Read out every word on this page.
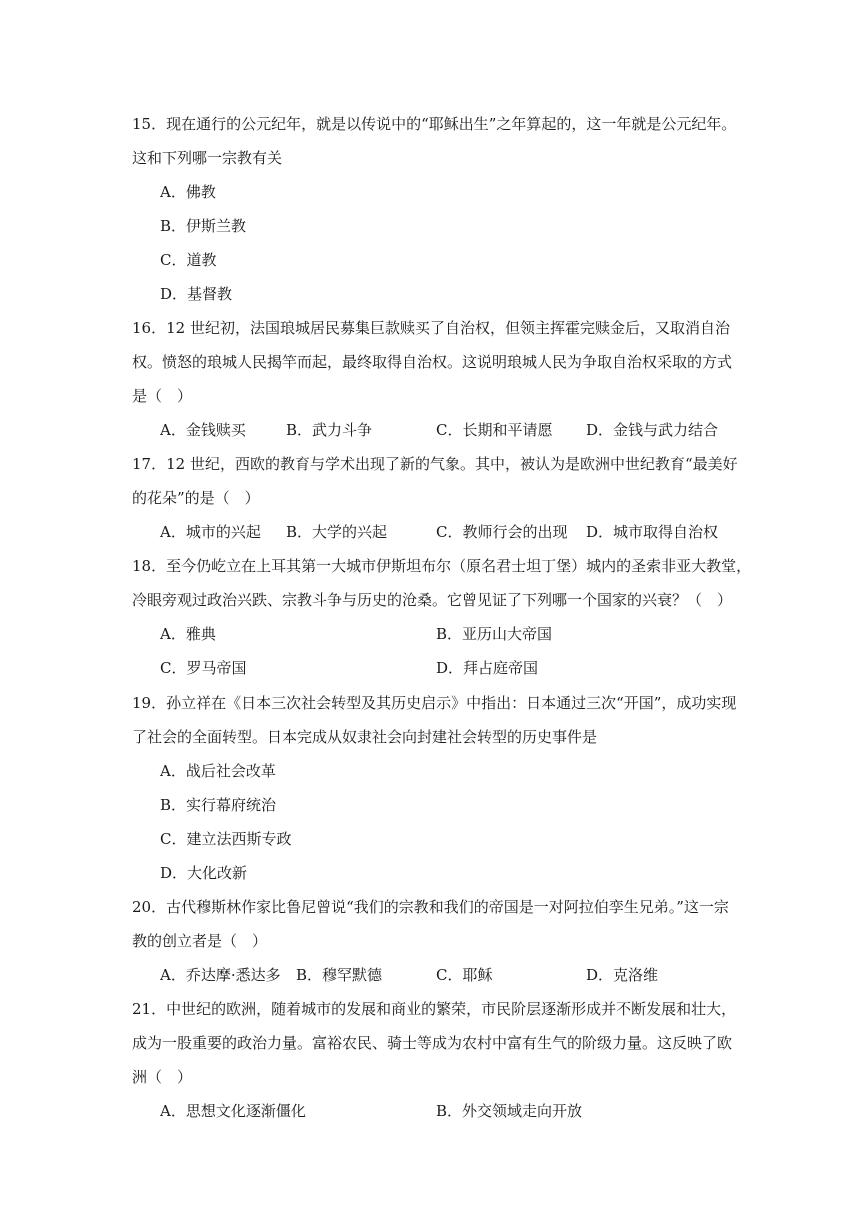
15．现在通行的公元纪年，就是以传说中的“耶稣出生”之年算起的，这一年就是公元纪年。
这和下列哪一宗教有关
A．佛教
B．伊斯兰教
C．道教
D．基督教
16．12 世纪初，法国琅城居民募集巨款赎买了自治权，但领主挥霍完赎金后，又取消自治
权。愤怒的琅城人民揭竿而起，最终取得自治权。这说明琅城人民为争取自治权采取的方式
是（　）
A．金钱赎买	B．武力斗争	C．长期和平请愿 D．金钱与武力结合
17．12 世纪，西欧的教育与学术出现了新的气象。其中，被认为是欧洲中世纪教育“最美好
的花朵”的是（　）
A．城市的兴起 B．大学的兴起	C．教师行会的出现 D．城市取得自治权
18．至今仍屹立在上耳其第一大城市伊斯坦布尔（原名君士坦丁堡）城内的圣索非亚大教堂，
冷眼旁观过政治兴跌、宗教斗争与历史的沧桑。它曾见证了下列哪一个国家的兴衰？（　）
A．雅典	B．亚历山大帝国
C．罗马帝国	D．拜占庭帝国
19．孙立祥在《日本三次社会转型及其历史启示》中指出：日本通过三次“开国”，成功实现
了社会的全面转型。日本完成从奴隶社会向封建社会转型的历史事件是
A．战后社会改革
B．实行幕府统治
C．建立法西斯专政
D．大化改新
20．古代穆斯林作家比鲁尼曾说“我们的宗教和我们的帝国是一对阿拉伯孪生兄弟。”这一宗
教的创立者是（　）
A．乔达摩·悉达多 B．穆罕默德	C．耶稣	D．克洛维
21．中世纪的欧洲，随着城市的发展和商业的繁荣，市民阶层逐渐形成并不断发展和壮大，
成为一股重要的政治力量。富裕农民、骑士等成为农村中富有生气的阶级力量。这反映了欧
洲（　）
A．思想文化逐渐僵化	B．外交领域走向开放
